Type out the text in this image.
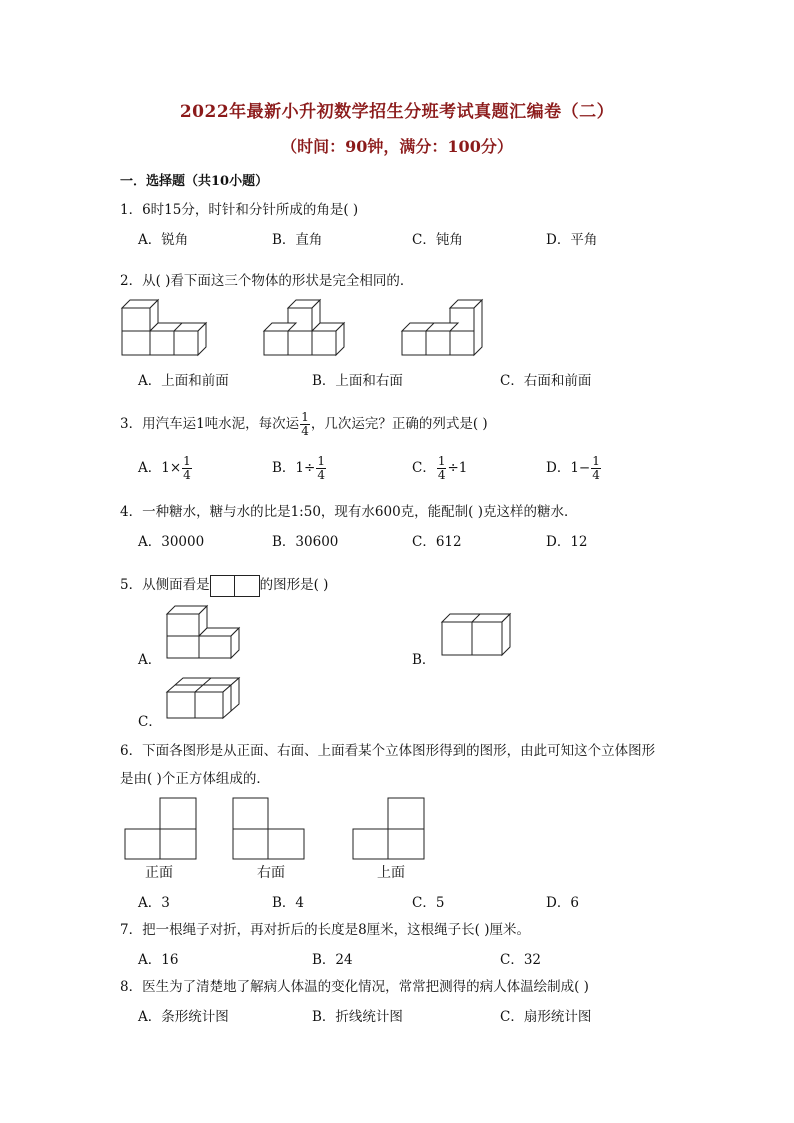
2022年最新小升初数学招生分班考试真题汇编卷（二）
（时间：90钟，满分：100分）
一．选择题（共10小题）
1．6时15分，时针和分针所成的角是( )
A．锐角	B．直角	C．钝角	D．平角
2．从( )看下面这三个物体的形状是完全相同的．
A．上面和前面	B．上面和右面	C．右面和前面
3．用汽车运1吨水泥，每次运 $\frac{1}{4}$ ，几次运完？正确的列式是( )
A．$1\times \frac{1}{4}$	B．$1\div \frac{1}{4}$	C． $\frac{1}{4} \div 1$	D．$1- \frac{1}{4}$
4．一种糖水，糖与水的比是1:50，现有水600克，能配制( )克这样的糖水．
A．30000	B．30600	C．612	D．12
5．从侧面看是	的图形是( )
A．	B．
C．
6．下面各图形是从正面、右面、上面看某个立体图形得到的图形，由此可知这个立体图形
是由( )个正方体组成的．
正面	右面	上面
A．3	B．4	C．5	D．6
7．把一根绳子对折，再对折后的长度是8厘米，这根绳子长( )厘米。
A．16	B．24	C．32
8．医生为了清楚地了解病人体温的变化情况，常常把测得的病人体温绘制成( )
A．条形统计图	B．折线统计图	C．扇形统计图
